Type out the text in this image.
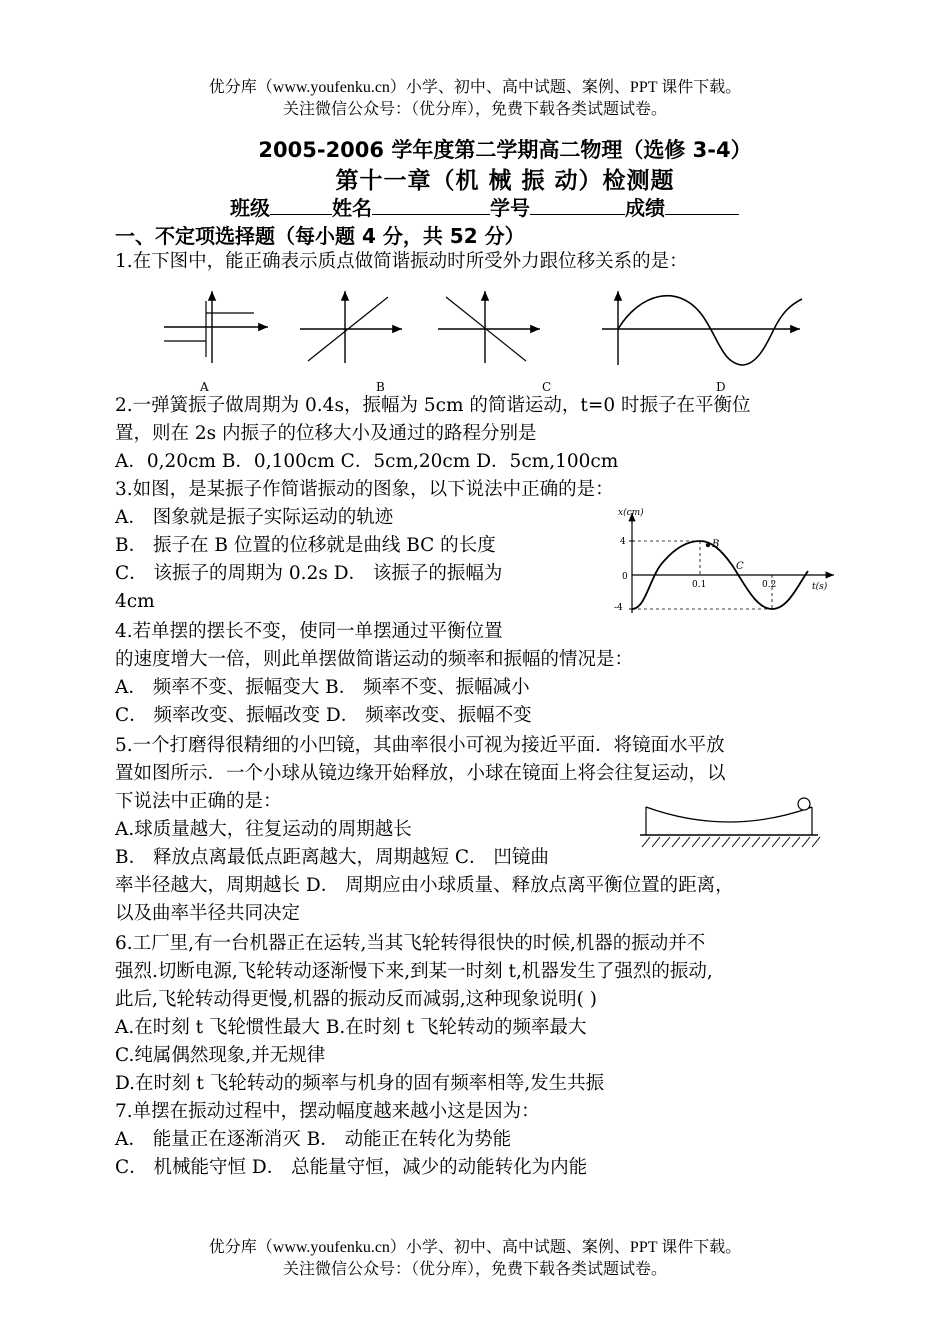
优分库（www.youfenku.cn）小学、初中、高中试题、案例、PPT 课件下载。
关注微信公众号：（优分库），免费下载各类试题试卷。
2005-2006 学年度第二学期高二物理（选修 3-4）
第十一章（机 械 振 动）检测题
班级	姓名	学号	成绩
一、不定项选择题（每小题 4 分，共 52 分）
1.在下图中，能正确表示质点做简谐振动时所受外力跟位移关系的是：
A	B	C	D
2.一弹簧振子做周期为 0.4s，振幅为 5cm 的简谐运动，t=0 时振子在平衡位
置，则在 2s 内振子的位移大小及通过的路程分别是
A．0,20cm B．0,100cm C．5cm,20cm D．5cm,100cm
3.如图，是某振子作简谐振动的图象，以下说法中正确的是：
A． 图象就是振子实际运动的轨迹
B． 振子在 B 位置的位移就是曲线 BC 的长度
C． 该振子的周期为 0.2s D． 该振子的振幅为
4cm
x(cm)
t(s)
4
0
-4
0.1	0.2
B
C
4.若单摆的摆长不变，使同一单摆通过平衡位置
的速度增大一倍，则此单摆做简谐运动的频率和振幅的情况是：
A． 频率不变、振幅变大 B． 频率不变、振幅减小
C． 频率改变、振幅改变 D． 频率改变、振幅不变
5.一个打磨得很精细的小凹镜，其曲率很小可视为接近平面．将镜面水平放
置如图所示．一个小球从镜边缘开始释放，小球在镜面上将会往复运动，以
下说法中正确的是：
A.球质量越大，往复运动的周期越长
B． 释放点离最低点距离越大，周期越短 C． 凹镜曲
率半径越大，周期越长 D． 周期应由小球质量、释放点离平衡位置的距离，
以及曲率半径共同决定
6.工厂里,有一台机器正在运转,当其飞轮转得很快的时候,机器的振动并不
强烈.切断电源,飞轮转动逐渐慢下来,到某一时刻 t,机器发生了强烈的振动,
此后,飞轮转动得更慢,机器的振动反而减弱,这种现象说明( )
A.在时刻 t 飞轮惯性最大 B.在时刻 t 飞轮转动的频率最大
C.纯属偶然现象,并无规律
D.在时刻 t 飞轮转动的频率与机身的固有频率相等,发生共振
7.单摆在振动过程中，摆动幅度越来越小这是因为：
A． 能量正在逐渐消灭 B． 动能正在转化为势能
C． 机械能守恒 D． 总能量守恒，减少的动能转化为内能
优分库（www.youfenku.cn）小学、初中、高中试题、案例、PPT 课件下载。
关注微信公众号：（优分库），免费下载各类试题试卷。
